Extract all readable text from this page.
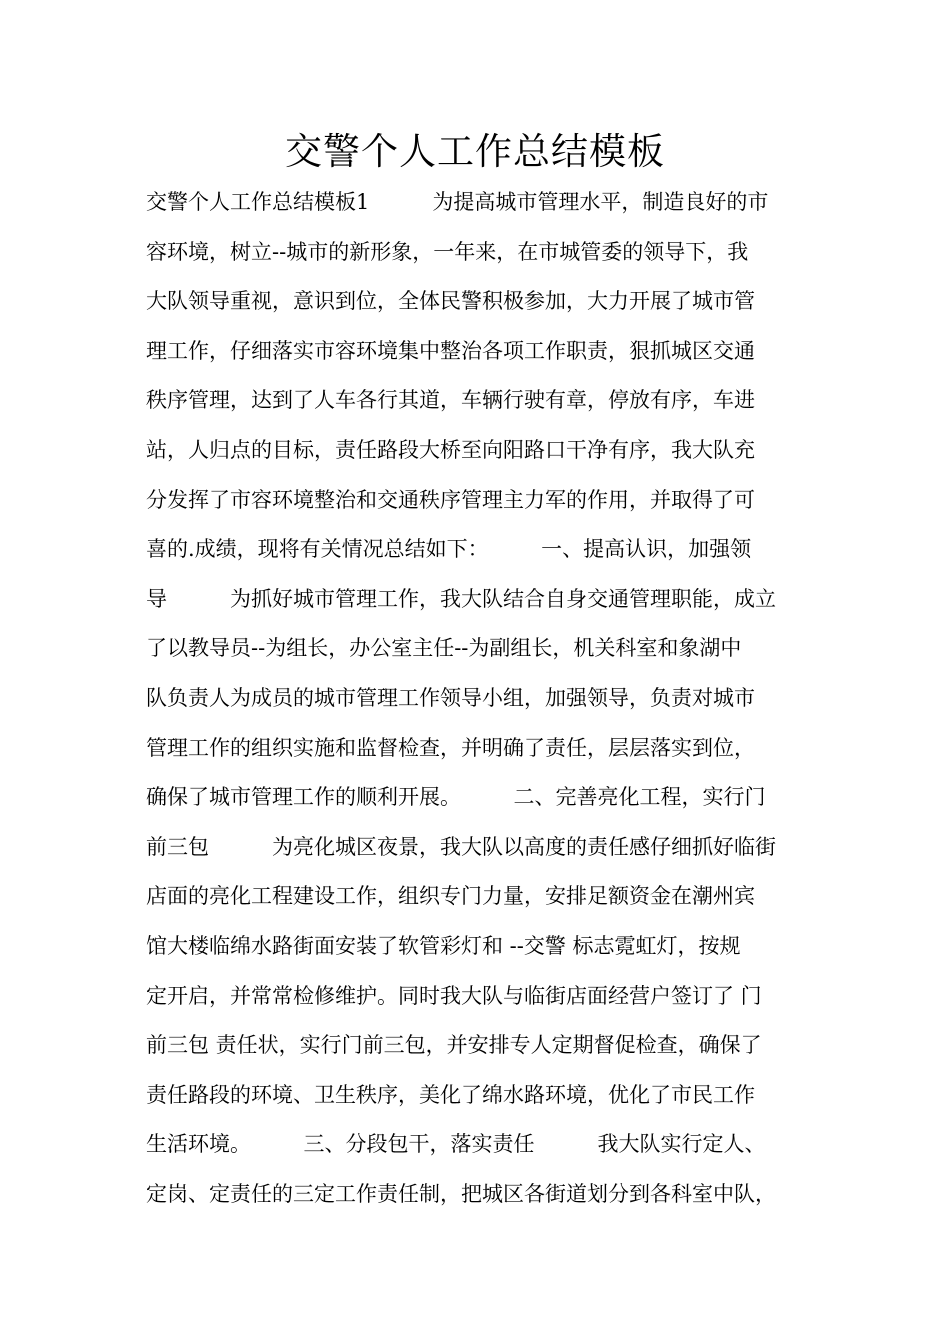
交警个人工作总结模板
交警个人工作总结模板1　　　为提高城市管理水平，制造良好的市
容环境，树立--城市的新形象，一年来，在市城管委的领导下，我
大队领导重视，意识到位，全体民警积极参加，大力开展了城市管
理工作，仔细落实市容环境集中整治各项工作职责，狠抓城区交通
秩序管理，达到了人车各行其道，车辆行驶有章，停放有序，车进
站，人归点的目标，责任路段大桥至向阳路口干净有序，我大队充
分发挥了市容环境整治和交通秩序管理主力军的作用，并取得了可
喜的.成绩，现将有关情况总结如下：　　　一、提高认识，加强领
导　　　为抓好城市管理工作，我大队结合自身交通管理职能，成立
了以教导员--为组长，办公室主任--为副组长，机关科室和象湖中
队负责人为成员的城市管理工作领导小组，加强领导，负责对城市
管理工作的组织实施和监督检查，并明确了责任，层层落实到位，
确保了城市管理工作的顺利开展。　　　二、完善亮化工程，实行门
前三包　　　为亮化城区夜景，我大队以高度的责任感仔细抓好临街
店面的亮化工程建设工作，组织专门力量，安排足额资金在潮州宾
馆大楼临绵水路街面安装了软管彩灯和 --交警 标志霓虹灯，按规
定开启，并常常检修维护。同时我大队与临街店面经营户签订了 门
前三包 责任状，实行门前三包，并安排专人定期督促检查，确保了
责任路段的环境、卫生秩序，美化了绵水路环境，优化了市民工作
生活环境。　　　三、分段包干，落实责任　　　我大队实行定人、
定岗、定责任的三定工作责任制，把城区各街道划分到各科室中队，
